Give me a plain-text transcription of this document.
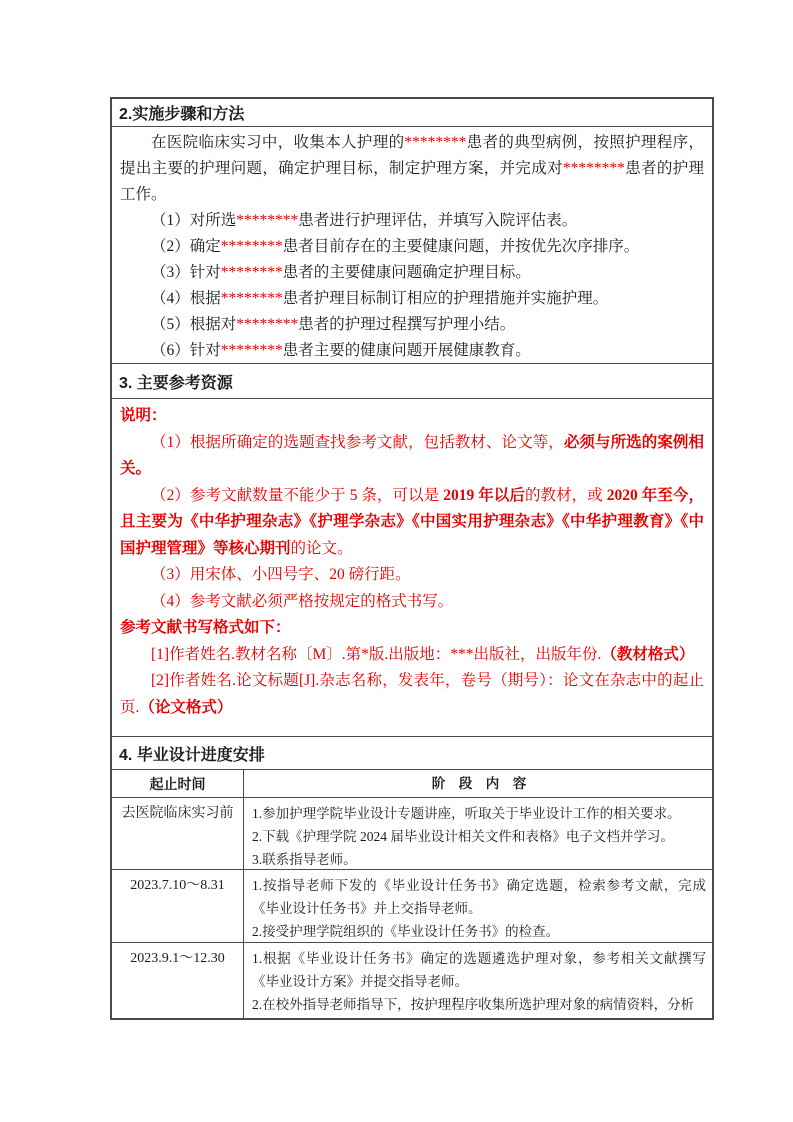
2.实施步骤和方法

在医院临床实习中，收集本人护理的********患者的典型病例，按照护理程序，提出主要的护理问题，确定护理目标，制定护理方案，并完成对********患者的护理工作。

（1）对所选********患者进行护理评估，并填写入院评估表。

（2）确定********患者目前存在的主要健康问题，并按优先次序排序。

（3）针对********患者的主要健康问题确定护理目标。

（4）根据********患者护理目标制订相应的护理措施并实施护理。

（5）根据对********患者的护理过程撰写护理小结。

（6）针对********患者主要的健康问题开展健康教育。

3. 主要参考资源

说明：

（1）根据所确定的选题查找参考文献，包括教材、论文等，必须与所选的案例相关。

（2）参考文献数量不能少于 5 条，可以是 2019 年以后的教材，或 2020 年至今，且主要为《中华护理杂志》《护理学杂志》《中国实用护理杂志》《中华护理教育》《中国护理管理》等核心期刊的论文。

（3）用宋体、小四号字、20 磅行距。

（4）参考文献必须严格按规定的格式书写。

参考文献书写格式如下：

[1]作者姓名.教材名称〔M〕.第*版.出版地：***出版社，出版年份.（教材格式）

[2]作者姓名.论文标题[J].杂志名称，发表年，卷号（期号）：论文在杂志中的起止页.（论文格式）

4. 毕业设计进度安排
起止时间	阶　段　内　容
去医院临床实习前	1.参加护理学院毕业设计专题讲座，听取关于毕业设计工作的相关要求。

2.下载《护理学院 2024 届毕业设计相关文件和表格》电子文档并学习。

3.联系指导老师。

2023.7.10～8.31	1.按指导老师下发的《毕业设计任务书》确定选题，检索参考文献，完成《毕业设计任务书》并上交指导老师。

2.接受护理学院组织的《毕业设计任务书》的检查。

2023.9.1～12.30	1.根据《毕业设计任务书》确定的选题遴选护理对象，参考相关文献撰写《毕业设计方案》并提交指导老师。

2.在校外指导老师指导下，按护理程序收集所选护理对象的病情资料，分析
